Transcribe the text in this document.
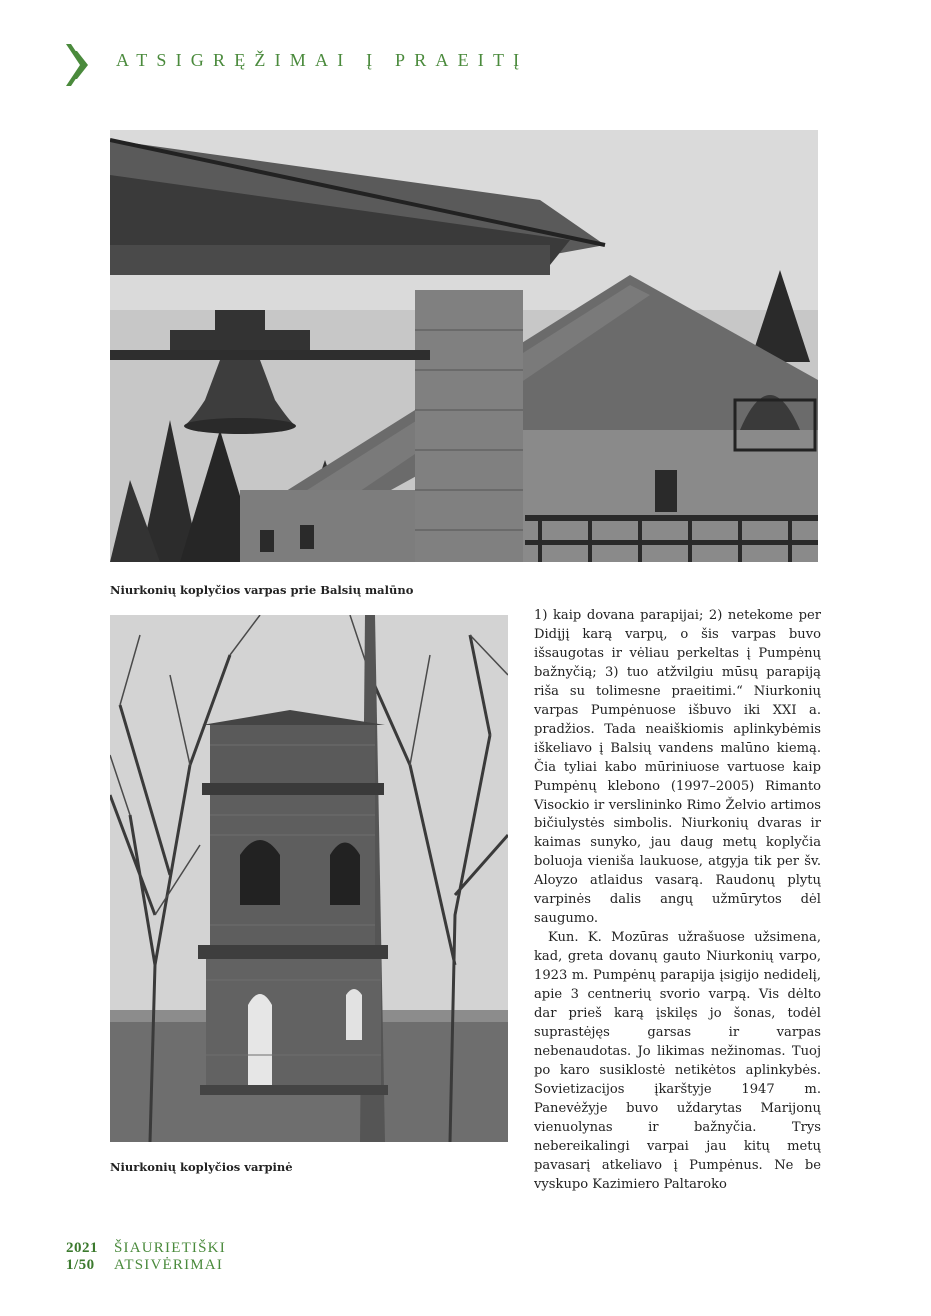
ATSIGRĘŽIMAI Į PRAEITĮ
Niurkonių koplyčios varpas prie Balsių malūno
Niurkonių koplyčios varpinė

1) kaip dovana parapijai; 2) netekome per Didįjį karą varpų, o šis varpas buvo išsaugotas ir vėliau perkeltas į Pumpėnų bažnyčią; 3) tuo atžvilgiu mūsų parapiją riša su tolimesne praeitimi.“ Niurkonių varpas Pumpėnuose išbuvo iki XXI a. pradžios. Tada neaiškiomis aplinkybėmis iškeliavo į Balsių vandens malūno kiemą. Čia tyliai kabo mūriniuose vartuose kaip Pumpėnų klebono (1997–2005) Rimanto Visockio ir verslininko Rimo Želvio artimos bičiulystės simbolis. Niurkonių dvaras ir kaimas sunyko, jau daug metų koplyčia boluoja vieniša laukuose, atgyja tik per šv. Aloyzo atlaidus vasarą. Raudonų plytų varpinės dalis angų užmūrytos dėl saugumo.

Kun. K. Mozūras užrašuose užsimena, kad, greta dovanų gauto Niurkonių varpo, 1923 m. Pumpėnų parapija įsigijo nedidelį, apie 3 centnerių svorio varpą. Vis dėlto dar prieš karą įskilęs jo šonas, todėl suprastėjęs garsas ir varpas nebenaudotas. Jo likimas nežinomas. Tuoj po karo susiklostė netikėtos aplinkybės. Sovietizacijos įkarštyje 1947 m. Panevėžyje buvo uždarytas Marijonų vienuolynas ir bažnyčia. Trys nebereikalingi varpai jau kitų metų pavasarį atkeliavo į Pumpėnus. Ne be vyskupo Kazimiero Paltaroko

2021 ŠIAURIETIŠKI
1/50 ATSIVĖRIMAI
